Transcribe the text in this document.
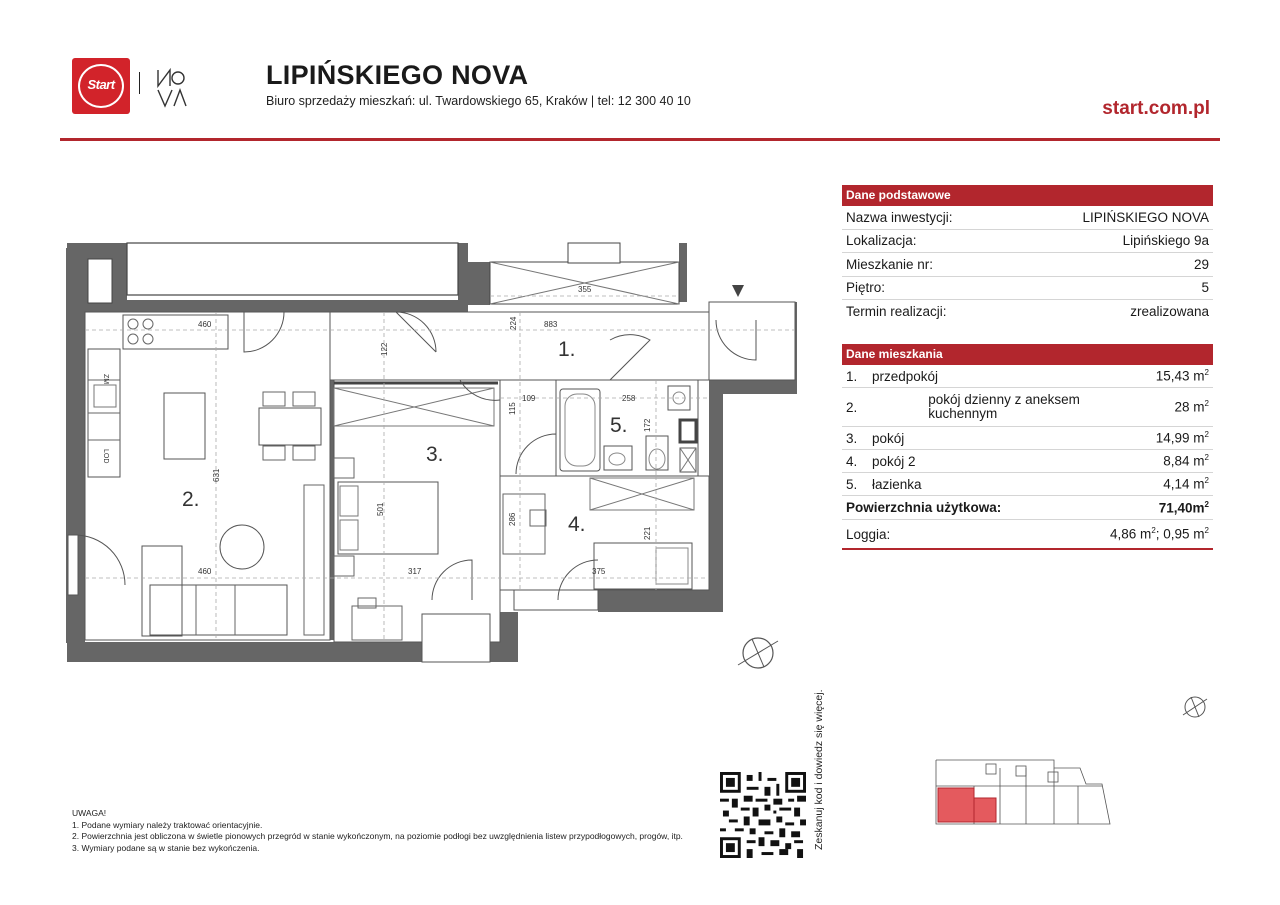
Start	LIPIŃSKIEGO NOVA
Biuro sprzedaży mieszkań: ul. Twardowskiego 65, Kraków | tel: 12 300 40 10	start.com.pl
460
460
631
122
224	883
355
109
115
258
172
501
317
286
221
375
ZM
LOD
1.
2.
3.
4.
5.
Dane podstawowe
Nazwa inwestycji:	LIPIŃSKIEGO NOVA
Lokalizacja:	Lipińskiego 9a
Mieszkanie nr:	29
Piętro:	5
Termin realizacji:	zrealizowana
Dane mieszkania
1.	przedpokój	15,43 $m^2$
2.	pokój dzienny z aneksem kuchennym	28 $m^2$
3.	pokój	14,99 $m^2$
4.	pokój 2	8,84 $m^2$
5.	łazienka	4,14 $m^2$
Powierzchnia użytkowa:	$71,40m^2$
Loggia:	4,86 $m^2$; 0,95 $m^2$
UWAGA!
1. Podane wymiary należy traktować orientacyjnie.
2. Powierzchnia jest obliczona w świetle pionowych przegród w stanie wykończonym, na poziomie podłogi bez uwzględnienia listew przypodłogowych, progów, itp.
3. Wymiary podane są w stanie bez wykończenia.	Zeskanuj kod i dowiedz się więcej.
